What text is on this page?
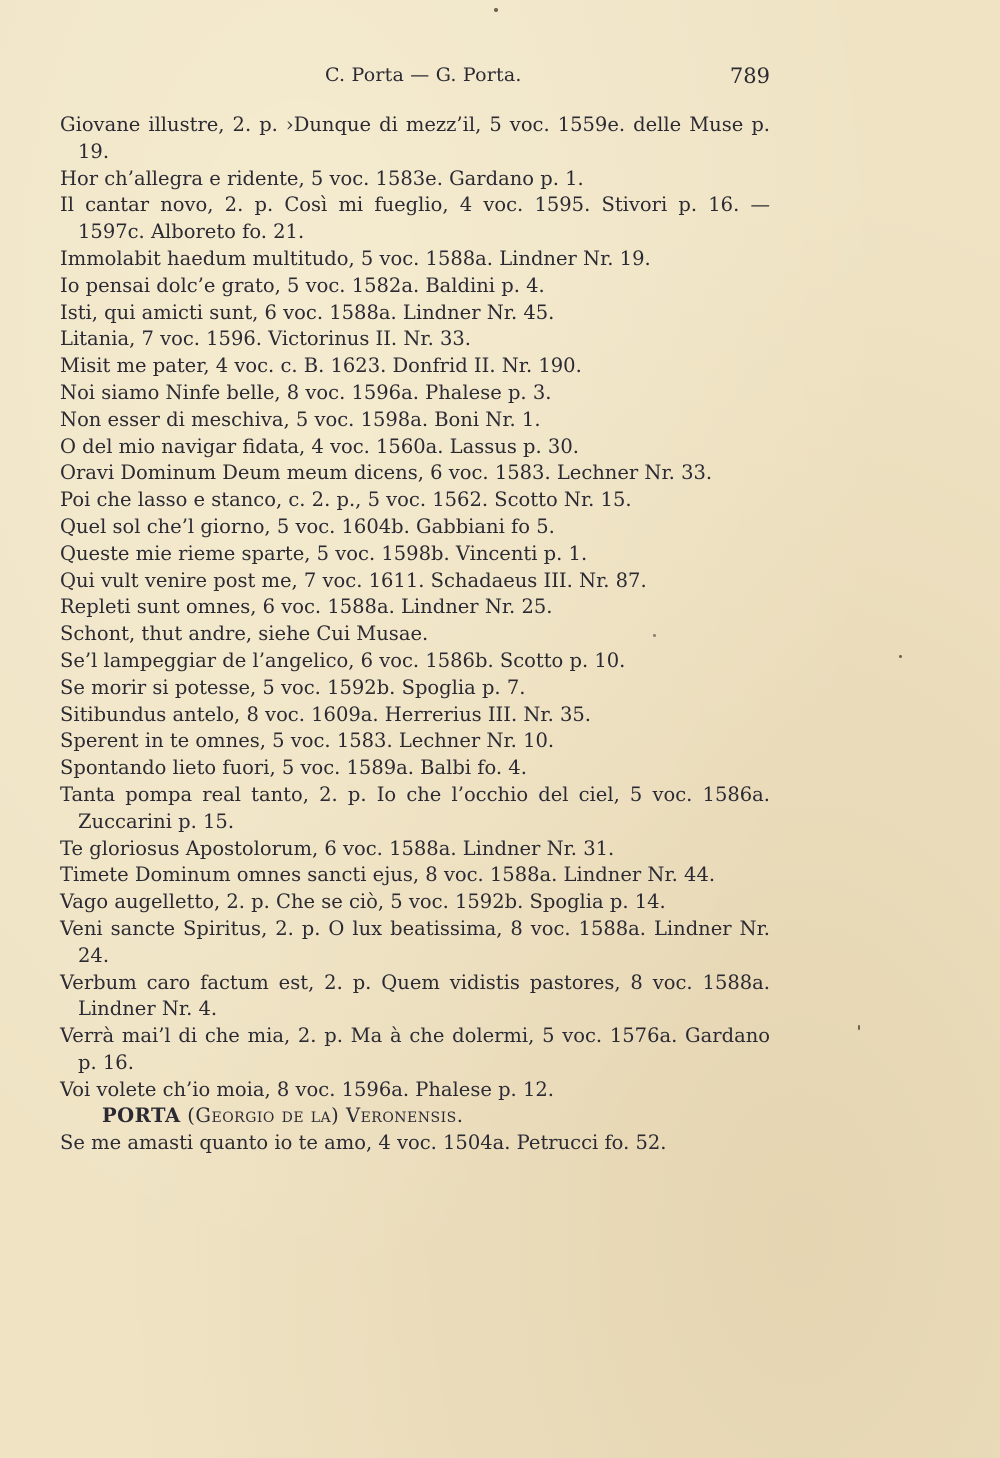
C. Porta — G. Porta.	789

Giovane illustre, 2. p. ›Dunque di mezz’il, 5 voc. 1559e. delle Muse p. 19.

Hor ch’allegra e ridente, 5 voc. 1583e. Gardano p. 1.

Il cantar novo, 2. p. Così mi fueglio, 4 voc. 1595. Stivori p. 16. — 1597c. Alboreto fo. 21.

Immolabit haedum multitudo, 5 voc. 1588a. Lindner Nr. 19.

Io pensai dolc’e grato, 5 voc. 1582a. Baldini p. 4.

Isti, qui amicti sunt, 6 voc. 1588a. Lindner Nr. 45.

Litania, 7 voc. 1596. Victorinus II. Nr. 33.

Misit me pater, 4 voc. c. B. 1623. Donfrid II. Nr. 190.

Noi siamo Ninfe belle, 8 voc. 1596a. Phalese p. 3.

Non esser di meschiva, 5 voc. 1598a. Boni Nr. 1.

O del mio navigar fidata, 4 voc. 1560a. Lassus p. 30.

Oravi Dominum Deum meum dicens, 6 voc. 1583. Lechner Nr. 33.

Poi che lasso e stanco, c. 2. p., 5 voc. 1562. Scotto Nr. 15.

Quel sol che’l giorno, 5 voc. 1604b. Gabbiani fo 5.

Queste mie rieme sparte, 5 voc. 1598b. Vincenti p. 1.

Qui vult venire post me, 7 voc. 1611. Schadaeus III. Nr. 87.

Repleti sunt omnes, 6 voc. 1588a. Lindner Nr. 25.

Schont, thut andre, siehe Cui Musae.

Se’l lampeggiar de l’angelico, 6 voc. 1586b. Scotto p. 10.

Se morir si potesse, 5 voc. 1592b. Spoglia p. 7.

Sitibundus antelo, 8 voc. 1609a. Herrerius III. Nr. 35.

Sperent in te omnes, 5 voc. 1583. Lechner Nr. 10.

Spontando lieto fuori, 5 voc. 1589a. Balbi fo. 4.

Tanta pompa real tanto, 2. p. Io che l’occhio del ciel, 5 voc. 1586a. Zuccarini p. 15.

Te gloriosus Apostolorum, 6 voc. 1588a. Lindner Nr. 31.

Timete Dominum omnes sancti ejus, 8 voc. 1588a. Lindner Nr. 44.

Vago augelletto, 2. p. Che se ciò, 5 voc. 1592b. Spoglia p. 14.

Veni sancte Spiritus, 2. p. O lux beatissima, 8 voc. 1588a. Lindner Nr. 24.

Verbum caro factum est, 2. p. Quem vidistis pastores, 8 voc. 1588a. Lindner Nr. 4.

Verrà mai’l di che mia, 2. p. Ma à che dolermi, 5 voc. 1576a. Gardano p. 16.

Voi volete ch’io moia, 8 voc. 1596a. Phalese p. 12.

PORTA (Georgio de la) Veronensis.

Se me amasti quanto io te amo, 4 voc. 1504a. Petrucci fo. 52.
